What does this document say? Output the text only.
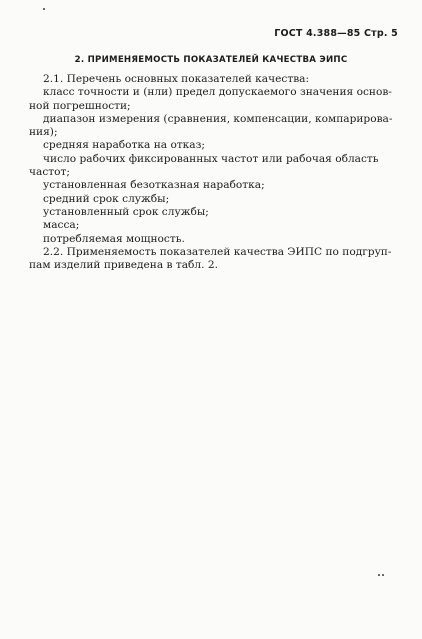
ГОСТ 4.388—85 Стр. 5
2. ПРИМЕНЯЕМОСТЬ ПОКАЗАТЕЛЕЙ КАЧЕСТВА ЭИПС

2.1. Перечень основных показателей качества:

класс точности и (нли) предел допускаемого значения основ-

ной погрешности;

диапазон измерения (сравнения, компенсации, компарирова-

ния);

средняя наработка на отказ;

число рабочих фиксированных частот или рабочая область

частот;

установленная безотказная наработка;

средний срок службы;

установленный срок службы;

масса;

потребляемая мощность.

2.2. Применяемость показателей качества ЭИПС по подгруп-

пам изделий приведена в табл. 2.
